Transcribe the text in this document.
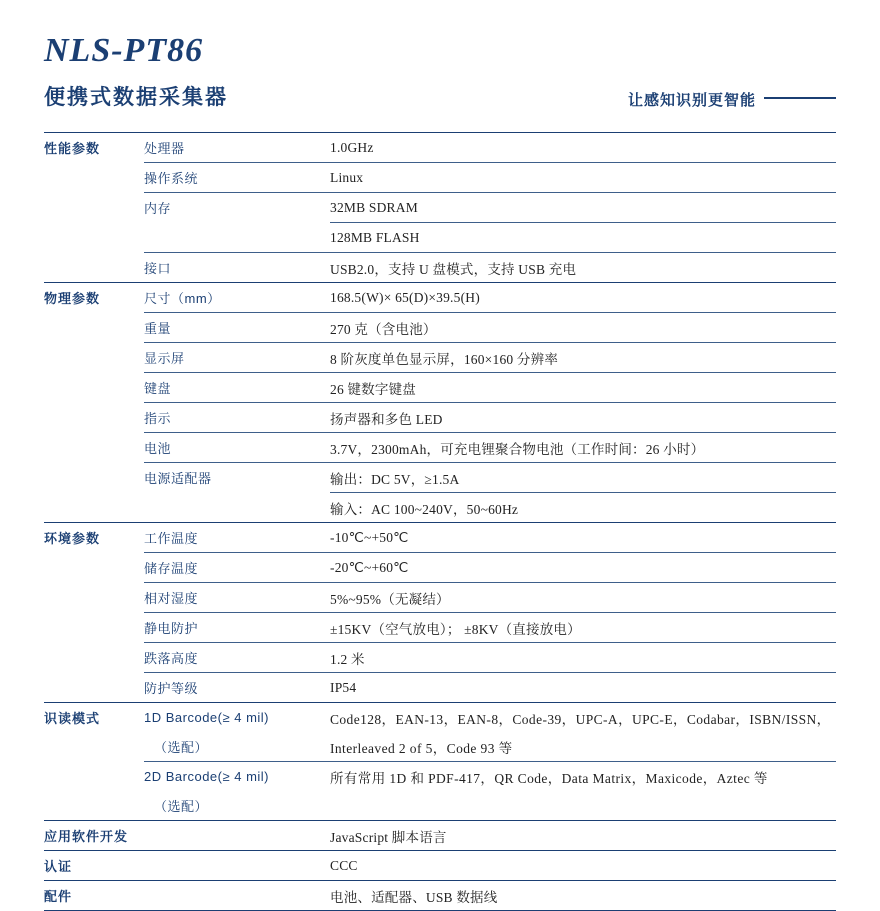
NLS-PT86
便携式数据采集器	让感知识别更智能
性能参数	处理器	1.0GHz
	操作系统	Linux
	内存	32MB SDRAM
		128MB FLASH
	接口	USB2.0，支持 U 盘模式，支持 USB 充电
物理参数	尺寸（mm）	168.5(W)× 65(D)×39.5(H)
	重量	270 克（含电池）
	显示屏	8 阶灰度单色显示屏，160×160 分辨率
	键盘	26 键数字键盘
	指示	扬声器和多色 LED
	电池	3.7V，2300mAh，可充电锂聚合物电池（工作时间：26 小时）
	电源适配器	输出：DC 5V，≥1.5A
		输入：AC 100~240V，50~60Hz
环境参数	工作温度	-10℃~+50℃
	储存温度	-20℃~+60℃
	相对湿度	5%~95%（无凝结）
	静电防护	±15KV（空气放电）； ±8KV（直接放电）
	跌落高度	1.2 米
	防护等级	IP54
识读模式	1D Barcode(≥ 4 mil)	Code128，EAN-13，EAN-8，Code-39，UPC-A，UPC-E，Codabar，ISBN/ISSN，
	（选配）	Interleaved 2 of 5，Code 93 等
	2D Barcode(≥ 4 mil)	所有常用 1D 和 PDF-417，QR Code，Data Matrix，Maxicode，Aztec 等
	（选配）	
应用软件开发		JavaScript 脚本语言
认证		CCC
配件		电池、适配器、USB 数据线
